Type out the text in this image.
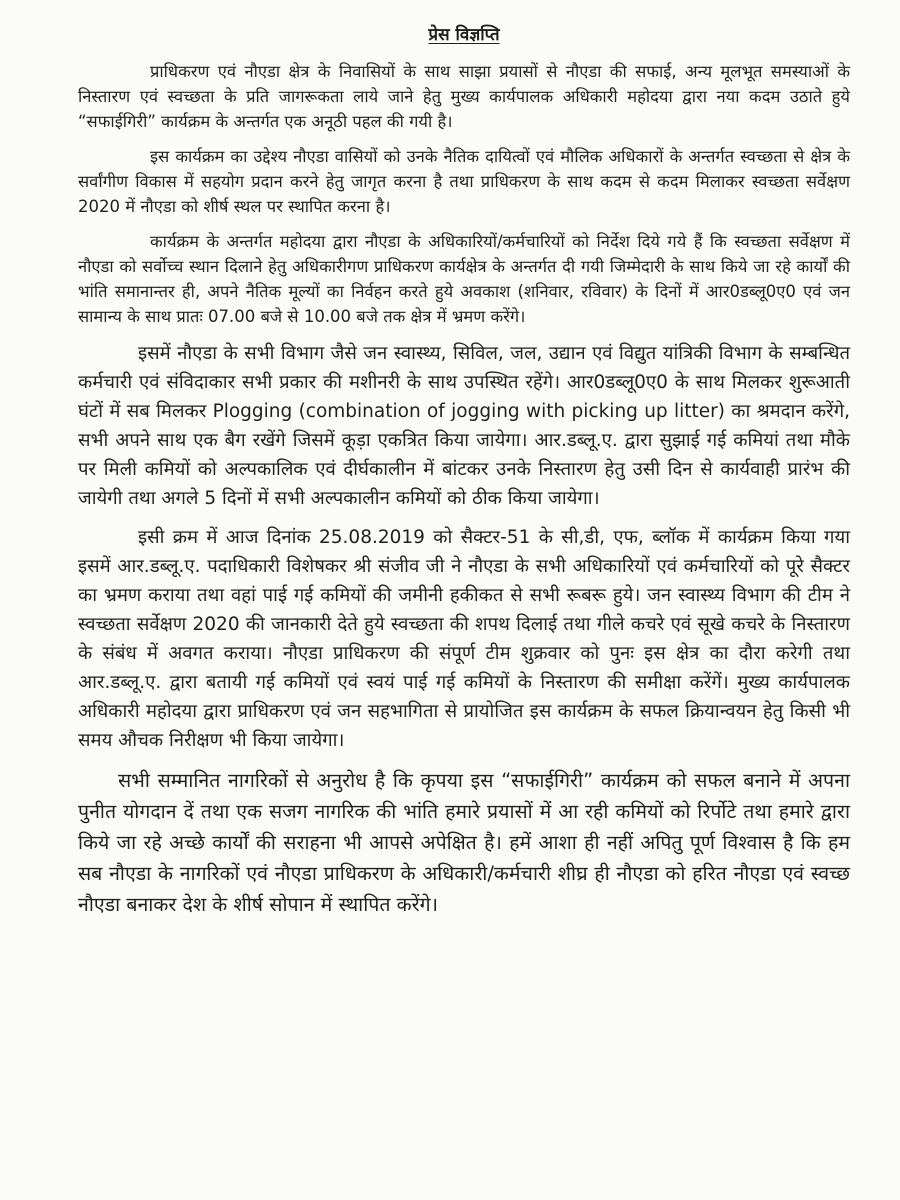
प्रेस विज्ञप्ति

प्राधिकरण एवं नौएडा क्षेत्र के निवासियों के साथ साझा प्रयासों से नौएडा की सफाई, अन्य मूलभूत समस्याओं के निस्तारण एवं स्वच्छता के प्रति जागरूकता लाये जाने हेतु मुख्य कार्यपालक अधिकारी महोदया द्वारा नया कदम उठाते हुये “सफाईगिरी” कार्यक्रम के अन्तर्गत एक अनूठी पहल की गयी है।

इस कार्यक्रम का उद्देश्य नौएडा वासियों को उनके नैतिक दायित्वों एवं मौलिक अधिकारों के अन्तर्गत स्वच्छता से क्षेत्र के सर्वांगीण विकास में सहयोग प्रदान करने हेतु जागृत करना है तथा प्राधिकरण के साथ कदम से कदम मिलाकर स्वच्छता सर्वेक्षण 2020 में नौएडा को शीर्ष स्थल पर स्थापित करना है।

कार्यक्रम के अन्तर्गत महोदया द्वारा नौएडा के अधिकारियों/कर्मचारियों को निर्देश दिये गये हैं कि स्वच्छता सर्वेक्षण में नौएडा को सर्वोच्च स्थान दिलाने हेतु अधिकारीगण प्राधिकरण कार्यक्षेत्र के अन्तर्गत दी गयी जिम्मेदारी के साथ किये जा रहे कार्यों की भांति समानान्तर ही, अपने नैतिक मूल्यों का निर्वहन करते हुये अवकाश (शनिवार, रविवार) के दिनों में आर0डब्लू0ए0 एवं जन सामान्य के साथ प्रातः 07.00 बजे से 10.00 बजे तक क्षेत्र में भ्रमण करेंगे।

इसमें नौएडा के सभी विभाग जैसे जन स्वास्थ्य, सिविल, जल, उद्यान एवं विद्युत यांत्रिकी विभाग के सम्बन्धित कर्मचारी एवं संविदाकार सभी प्रकार की मशीनरी के साथ उपस्थित रहेंगे। आर0डब्लू0ए0 के साथ मिलकर शुरूआती घंटों में सब मिलकर Plogging (combination of jogging with picking up litter) का श्रमदान करेंगे, सभी अपने साथ एक बैग रखेंगे जिसमें कूड़ा एकत्रित किया जायेगा। आर.डब्लू.ए. द्वारा सुझाई गई कमियां तथा मौके पर मिली कमियों को अल्पकालिक एवं दीर्घकालीन में बांटकर उनके निस्तारण हेतु उसी दिन से कार्यवाही प्रारंभ की जायेगी तथा अगले 5 दिनों में सभी अल्पकालीन कमियों को ठीक किया जायेगा।

इसी क्रम में आज दिनांक 25.08.2019 को सैक्टर-51 के सी,डी, एफ, ब्लॉक में कार्यक्रम किया गया इसमें आर.डब्लू.ए. पदाधिकारी विशेषकर श्री संजीव जी ने नौएडा के सभी अधिकारियों एवं कर्मचारियों को पूरे सैक्टर का भ्रमण कराया तथा वहां पाई गई कमियों की जमीनी हकीकत से सभी रूबरू हुये। जन स्वास्थ्य विभाग की टीम ने स्वच्छता सर्वेक्षण 2020 की जानकारी देते हुये स्वच्छता की शपथ दिलाई तथा गीले कचरे एवं सूखे कचरे के निस्तारण के संबंध में अवगत कराया। नौएडा प्राधिकरण की संपूर्ण टीम शुक्रवार को पुनः इस क्षेत्र का दौरा करेगी तथा आर.डब्लू.ए. द्वारा बतायी गई कमियों एवं स्वयं पाई गई कमियों के निस्तारण की समीक्षा करेंगें। मुख्य कार्यपालक अधिकारी महोदया द्वारा प्राधिकरण एवं जन सहभागिता से प्रायोजित इस कार्यक्रम के सफल क्रियान्वयन हेतु किसी भी समय औचक निरीक्षण भी किया जायेगा।

सभी सम्मानित नागरिकों से अनुरोध है कि कृपया इस “सफाईगिरी” कार्यक्रम को सफल बनाने में अपना पुनीत योगदान दें तथा एक सजग नागरिक की भांति हमारे प्रयासों में आ रही कमियों को रिर्पोटे तथा हमारे द्वारा किये जा रहे अच्छे कार्यों की सराहना भी आपसे अपेक्षित है। हमें आशा ही नहीं अपितु पूर्ण विश्वास है कि हम सब नौएडा के नागरिकों एवं नौएडा प्राधिकरण के अधिकारी/कर्मचारी शीघ्र ही नौएडा को हरित नौएडा एवं स्वच्छ नौएडा बनाकर देश के शीर्ष सोपान में स्थापित करेंगे।
